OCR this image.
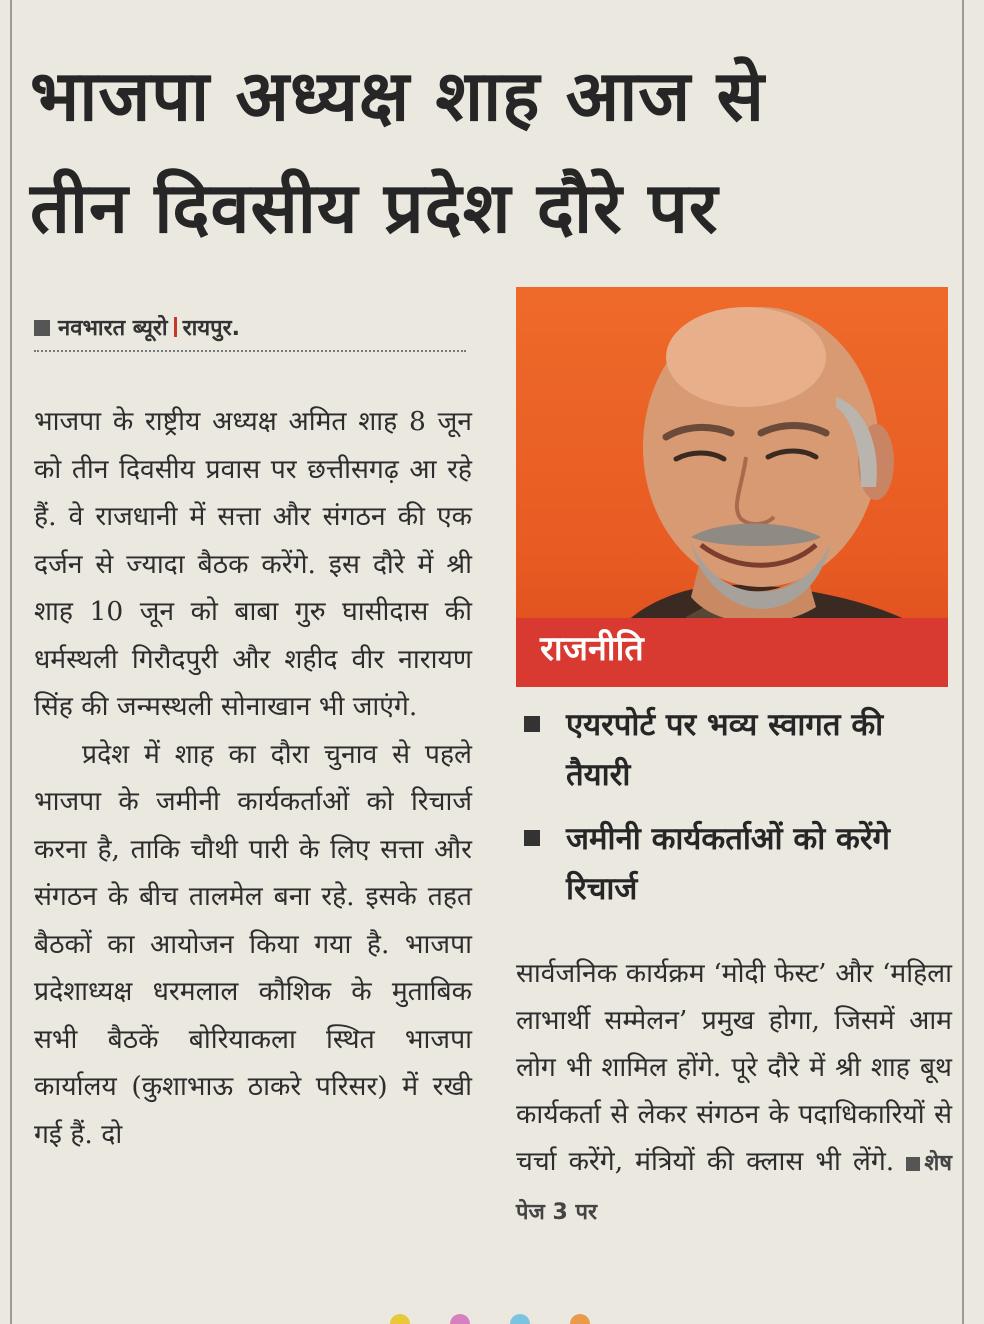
भाजपा अध्यक्ष शाह आज से
तीन दिवसीय प्रदेश दौरे पर
नवभारत ब्यूरो रायपुर.

भाजपा के राष्ट्रीय अध्यक्ष अमित शाह 8 जून को तीन दिवसीय प्रवास पर छत्तीसगढ़ आ रहे हैं. वे राजधानी में सत्ता और संगठन की एक दर्जन से ज्यादा बैठक करेंगे. इस दौरे में श्री शाह 10 जून को बाबा गुरु घासीदास की धर्मस्थली गिरौदपुरी और शहीद वीर नारायण सिंह की जन्मस्थली सोनाखान भी जाएंगे.

प्रदेश में शाह का दौरा चुनाव से पहले भाजपा के जमीनी कार्यकर्ताओं को रिचार्ज करना है, ताकि चौथी पारी के लिए सत्ता और संगठन के बीच तालमेल बना रहे. इसके तहत बैठकों का आयोजन किया गया है. भाजपा प्रदेशाध्यक्ष धरमलाल कौशिक के मुताबिक सभी बैठकें बोरियाकला स्थित भाजपा कार्यालय (कुशाभाऊ ठाकरे परिसर) में रखी गई हैं. दो

राजनीति
एयरपोर्ट पर भव्य स्वागत की तैयारी
जमीनी कार्यकर्ताओं को करेंगे रिचार्ज

सार्वजनिक कार्यक्रम ‘मोदी फेस्ट’ और ‘महिला लाभार्थी सम्मेलन’ प्रमुख होगा, जिसमें आम लोग भी शामिल होंगे. पूरे दौरे में श्री शाह बूथ कार्यकर्ता से लेकर संगठन के पदाधिकारियों से चर्चा करेंगे, मंत्रियों की क्लास भी लेंगे. शेष पेज 3 पर
